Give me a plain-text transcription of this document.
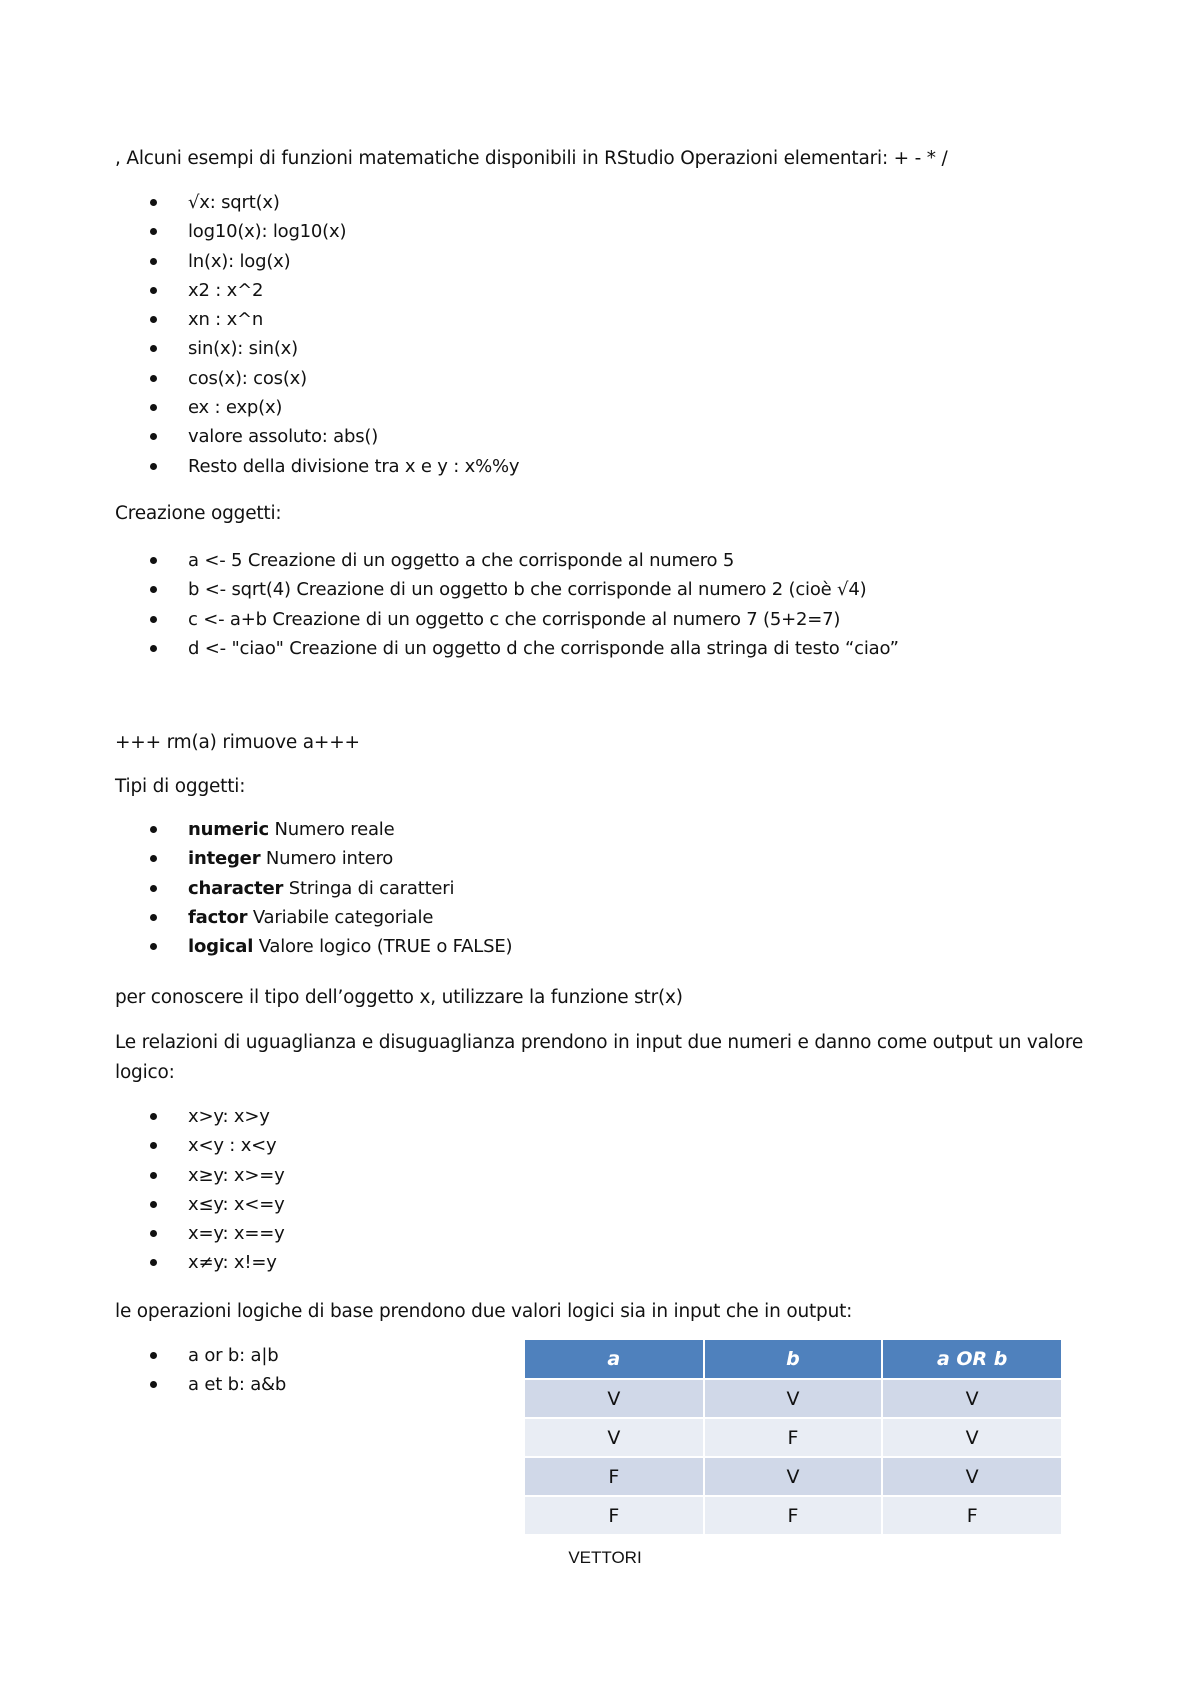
, Alcuni esempi di funzioni matematiche disponibili in RStudio Operazioni elementari: + - * /
√x: sqrt(x)
log10(x): log10(x)
ln(x): log(x)
x2 : x^2
xn : x^n
sin(x): sin(x)
cos(x): cos(x)
ex : exp(x)
valore assoluto: abs()
Resto della divisione tra x e y : x%%y
Creazione oggetti:
a <- 5 Creazione di un oggetto a che corrisponde al numero 5
b <- sqrt(4) Creazione di un oggetto b che corrisponde al numero 2 (cioè √4)
c <- a+b Creazione di un oggetto c che corrisponde al numero 7 (5+2=7)
d <- "ciao" Creazione di un oggetto d che corrisponde alla stringa di testo “ciao”
+++ rm(a) rimuove a+++
Tipi di oggetti:
numeric Numero reale
integer Numero intero
character Stringa di caratteri
factor Variabile categoriale
logical Valore logico (TRUE o FALSE)
per conoscere il tipo dell’oggetto x, utilizzare la funzione str(x)
Le relazioni di uguaglianza e disuguaglianza prendono in input due numeri e danno come output un valore logico:
x>y: x>y
x<y : x<y
x≥y: x>=y
x≤y: x<=y
x=y: x==y
x≠y: x!=y
le operazioni logiche di base prendono due valori logici sia in input che in output:
a or b: a|b
a et b: a&b
a	b	a OR b
V	V	V
V	F	V
F	V	V
F	F	F
VETTORI
